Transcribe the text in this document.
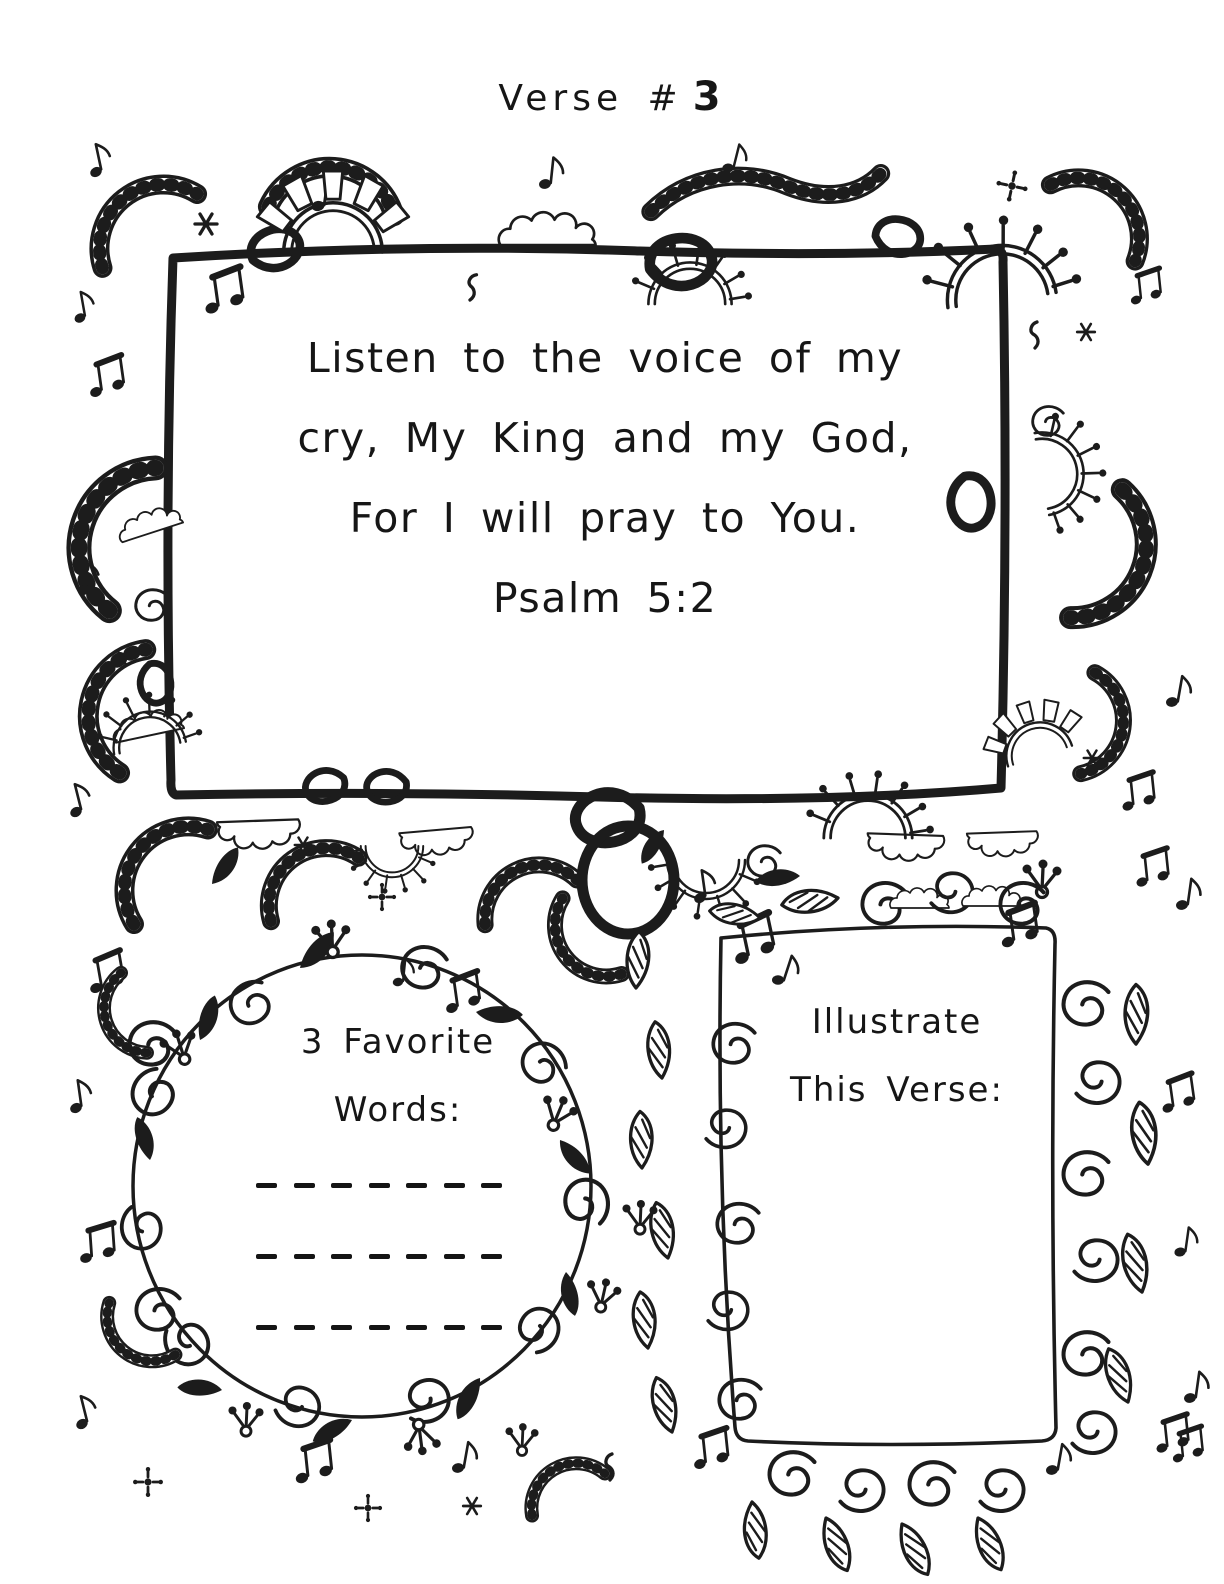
Verse # 3
Listen to the voice of my
cry, My King and my God,
For I will pray to You.
Psalm 5:2
3 Favorite
Words:
Illustrate
This Verse:
